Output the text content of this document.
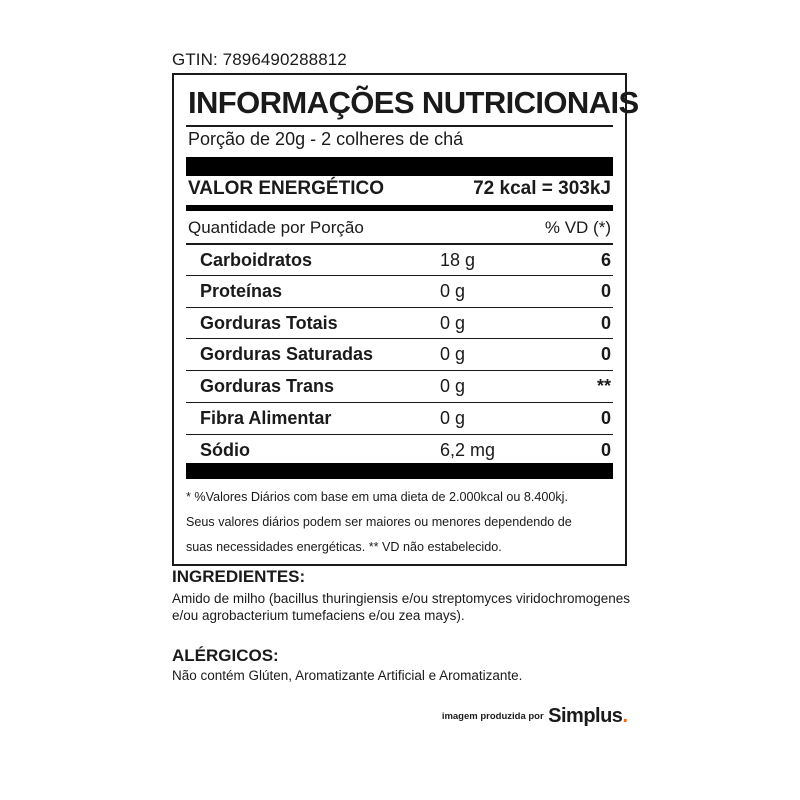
GTIN: 7896490288812
INFORMAÇÕES NUTRICIONAIS
Porção de 20g - 2 colheres de chá
VALOR ENERGÉTICO	72 kcal = 303kJ
Quantidade por Porção	% VD (*)
Carboidratos	18 g	6
Proteínas	0 g	0
Gorduras Totais	0 g	0
Gorduras Saturadas	0 g	0
Gorduras Trans	0 g	**
Fibra Alimentar	0 g	0
Sódio	6,2 mg	0
* %Valores Diários com base em uma dieta de 2.000kcal ou 8.400kj.
Seus valores diários podem ser maiores ou menores dependendo de
suas necessidades energéticas. ** VD não estabelecido.
INGREDIENTES:
Amido de milho (bacillus thuringiensis e/ou streptomyces viridochromogenes e/ou agrobacterium tumefaciens e/ou zea mays).
ALÉRGICOS:
Não contém Glúten, Aromatizante Artificial e Aromatizante.
imagem produzida por Simplus.
